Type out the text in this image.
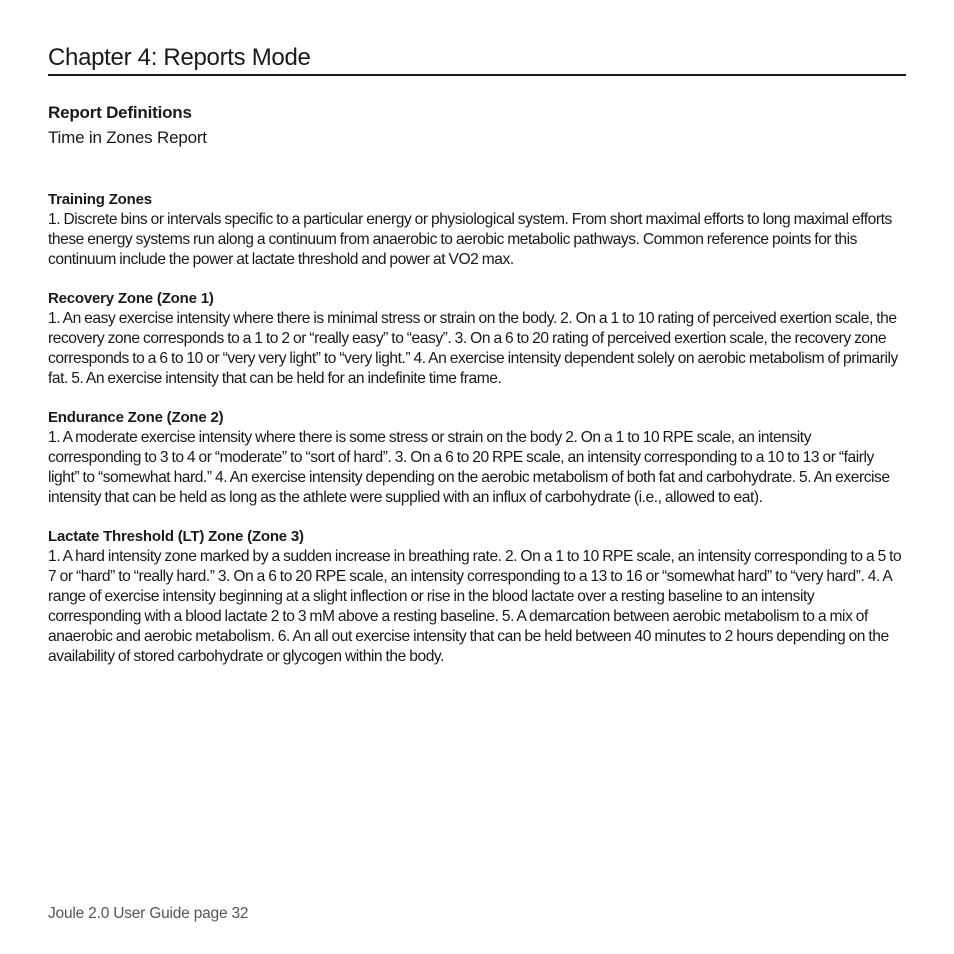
Chapter 4: Reports Mode
Report Definitions

Time in Zones Report

Training Zones

1. Discrete bins or intervals specific to a particular energy or physiological system. From short maximal efforts to long maximal efforts these energy systems run along a continuum from anaerobic to aerobic metabolic pathways. Common reference points for this continuum include the power at lactate threshold and power at VO2 max.

Recovery Zone (Zone 1)

1. An easy exercise intensity where there is minimal stress or strain on the body. 2. On a 1 to 10 rating of perceived exertion scale, the recovery zone corresponds to a 1 to 2 or “really easy” to “easy”. 3. On a 6 to 20 rating of perceived exertion scale, the recovery zone corresponds to a 6 to 10 or “very very light” to “very light.” 4. An exercise intensity dependent solely on aerobic metabolism of primarily fat. 5. An exercise intensity that can be held for an indefinite time frame.

Endurance Zone (Zone 2)

1. A moderate exercise intensity where there is some stress or strain on the body 2. On a 1 to 10 RPE scale, an intensity corresponding to 3 to 4 or “moderate” to “sort of hard”. 3. On a 6 to 20 RPE scale, an intensity corresponding to a 10 to 13 or “fairly light” to “somewhat hard.” 4. An exercise intensity depending on the aerobic metabolism of both fat and carbohydrate. 5. An exercise intensity that can be held as long as the athlete were supplied with an influx of carbohydrate (i.e., allowed to eat).

Lactate Threshold (LT) Zone (Zone 3)

1. A hard intensity zone marked by a sudden increase in breathing rate. 2. On a 1 to 10 RPE scale, an intensity corresponding to a 5 to 7 or “hard” to “really hard.” 3. On a 6 to 20 RPE scale, an intensity corresponding to a 13 to 16 or “somewhat hard” to “very hard”. 4. A range of exercise intensity beginning at a slight inflection or rise in the blood lactate over a resting baseline to an intensity corresponding with a blood lactate 2 to 3 mM above a resting baseline. 5. A demarcation between aerobic metabolism to a mix of anaerobic and aerobic metabolism. 6. An all out exercise intensity that can be held between 40 minutes to 2 hours depending on the availability of stored carbohydrate or glycogen within the body.

Joule 2.0 User Guide page 32
